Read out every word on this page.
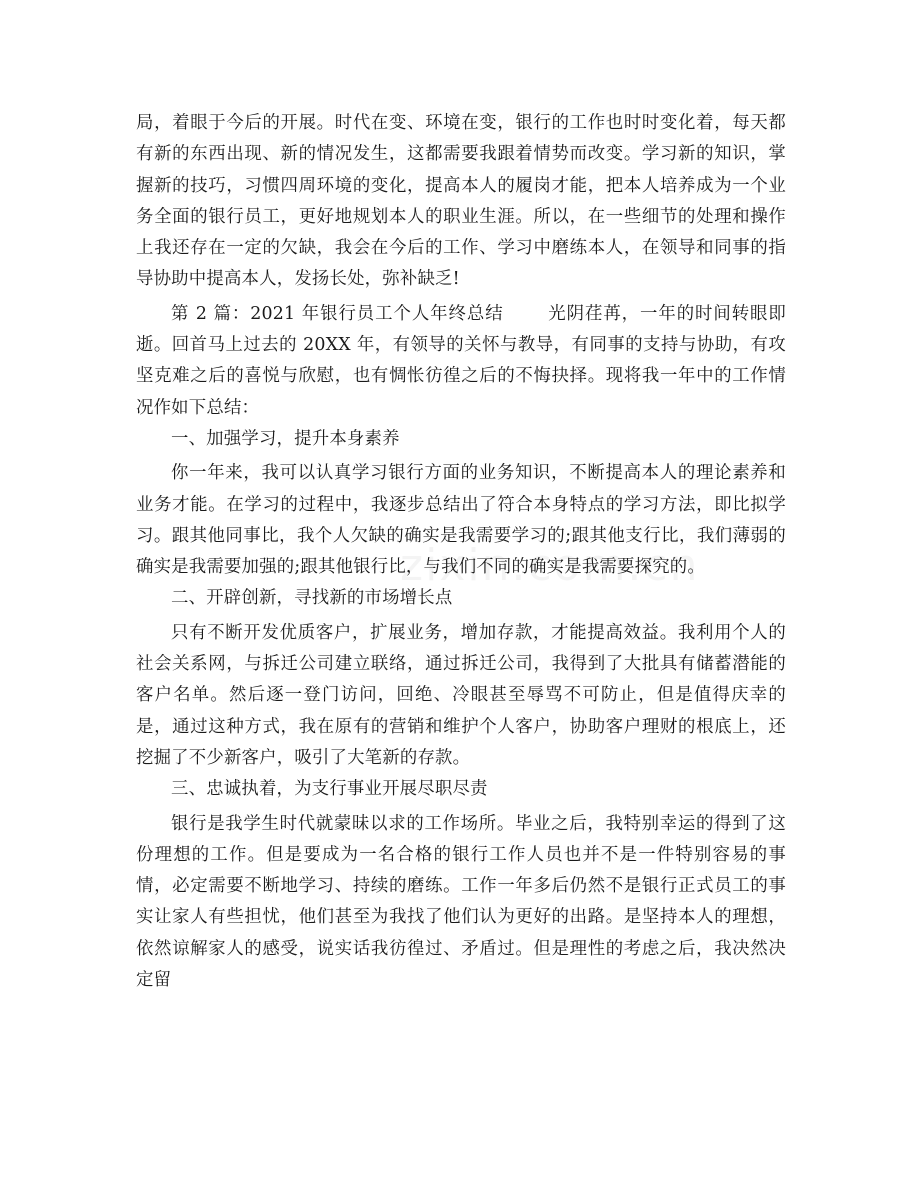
局，着眼于今后的开展。时代在变、环境在变，银行的工作也时时变化着，每天都有新的东西出现、新的情况发生，这都需要我跟着情势而改变。学习新的知识，掌握新的技巧，习惯四周环境的变化，提高本人的履岗才能，把本人培养成为一个业务全面的银行员工，更好地规划本人的职业生涯。所以，在一些细节的处理和操作上我还存在一定的欠缺，我会在今后的工作、学习中磨练本人，在领导和同事的指导协助中提高本人，发扬长处，弥补缺乏!

第 2 篇：2021 年银行员工个人年终总结	光阴荏苒，一年的时间转眼即逝。回首马上过去的 20XX 年，有领导的关怀与教导，有同事的支持与协助，有攻坚克难之后的喜悦与欣慰，也有惆怅彷徨之后的不悔抉择。现将我一年中的工作情况作如下总结：

一、加强学习，提升本身素养

你一年来，我可以认真学习银行方面的业务知识，不断提高本人的理论素养和业务才能。在学习的过程中，我逐步总结出了符合本身特点的学习方法，即比拟学习。跟其他同事比，我个人欠缺的确实是我需要学习的;跟其他支行比，我们薄弱的确实是我需要加强的;跟其他银行比，与我们不同的确实是我需要探究的。

二、开辟创新，寻找新的市场增长点

只有不断开发优质客户，扩展业务，增加存款，才能提高效益。我利用个人的社会关系网，与拆迁公司建立联络，通过拆迁公司，我得到了大批具有储蓄潜能的客户名单。然后逐一登门访问，回绝、冷眼甚至辱骂不可防止，但是值得庆幸的是，通过这种方式，我在原有的营销和维护个人客户，协助客户理财的根底上，还挖掘了不少新客户，吸引了大笔新的存款。

三、忠诚执着，为支行事业开展尽职尽责

银行是我学生时代就蒙昧以求的工作场所。毕业之后，我特别幸运的得到了这份理想的工作。但是要成为一名合格的银行工作人员也并不是一件特别容易的事情，必定需要不断地学习、持续的磨练。工作一年多后仍然不是银行正式员工的事实让家人有些担忧，他们甚至为我找了他们认为更好的出路。是坚持本人的理想，依然谅解家人的感受，说实话我彷徨过、矛盾过。但是理性的考虑之后，我决然决定留
